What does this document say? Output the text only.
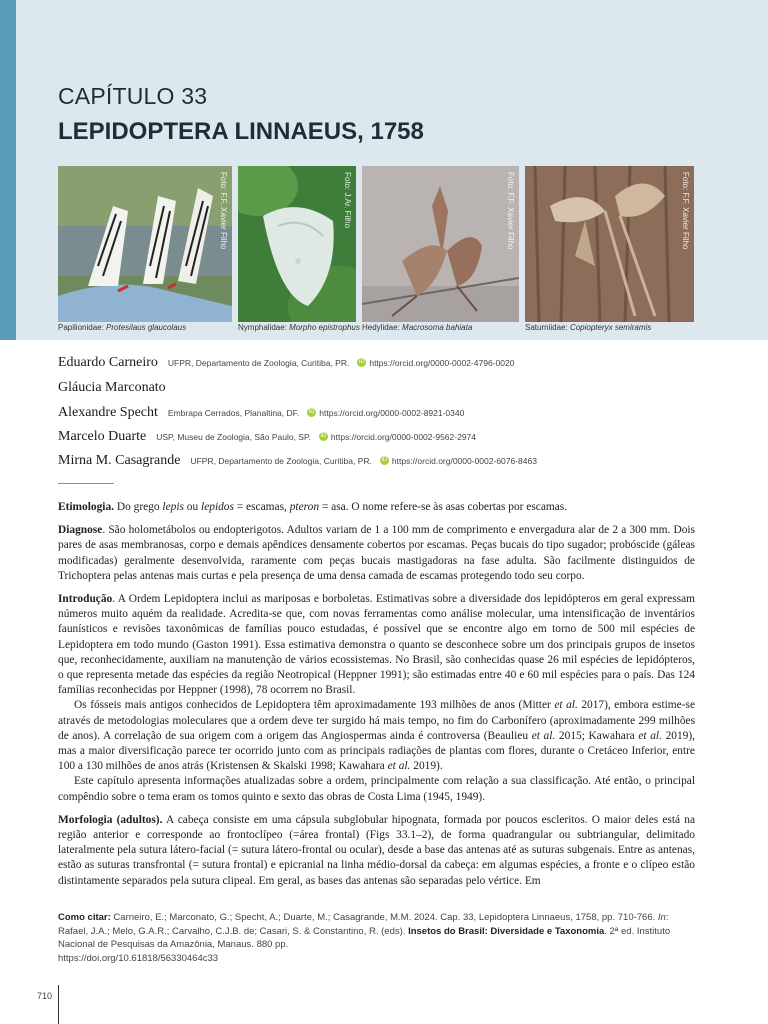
CAPÍTULO 33
LEPIDOPTERA LINNAEUS, 1758
Foto: F.F. Xavier Filho
Papilionidae: Protesilaus glaucolaus
Foto: J.Ar. Filho
Nymphalidae: Morpho epistrophus
Foto: F.F. Xavier Filho
Hedylidae: Macrosoma bahiata
Foto: F.F. Xavier Filho
Saturniidae: Copiopteryx semiramis
Eduardo Carneiro UFPR, Departamento de Zoologia, Curitiba, PR. iD https://orcid.org/0000-0002-4796-0020
Gláucia Marconato
Alexandre Specht Embrapa Cerrados, Planaltina, DF. iD https://orcid.org/0000-0002-8921-0340
Marcelo Duarte USP, Museu de Zoologia, São Paulo, SP. iD https://orcid.org/0000-0002-9562-2974
Mirna M. Casagrande UFPR, Departamento de Zoologia, Curitiba, PR. iD https://orcid.org/0000-0002-6076-8463

Etimologia. Do grego lepis ou lepidos = escamas, pteron = asa. O nome refere-se às asas cobertas por escamas.

Diagnose. São holometábolos ou endopterigotos. Adultos variam de 1 a 100 mm de comprimento e envergadura alar de 2 a 300 mm. Dois pares de asas membranosas, corpo e demais apêndices densamente cobertos por escamas. Peças bucais do tipo sugador; probóscide (gáleas modificadas) geralmente desenvolvida, raramente com peças bucais mastigadoras na fase adulta. São facilmente distinguidos de Trichoptera pelas antenas mais curtas e pela presença de uma densa camada de escamas protegendo todo seu corpo.

Introdução. A Ordem Lepidoptera inclui as mariposas e borboletas. Estimativas sobre a diversidade dos lepidópteros em geral expressam números muito aquém da realidade. Acredita-se que, com novas ferramentas como análise molecular, uma intensificação de inventários faunísticos e revisões taxonômicas de famílias pouco estudadas, é possível que se encontre algo em torno de 500 mil espécies de Lepidoptera em todo mundo (Gaston 1991). Essa estimativa demonstra o quanto se desconhece sobre um dos principais grupos de insetos que, reconhecidamente, auxiliam na manutenção de vários ecossistemas. No Brasil, são conhecidas quase 26 mil espécies de lepidópteros, o que representa metade das espécies da região Neotropical (Heppner 1991); são estimadas entre 40 e 60 mil espécies para o país. Das 124 famílias reconhecidas por Heppner (1998), 78 ocorrem no Brasil.

Os fósseis mais antigos conhecidos de Lepidoptera têm aproximadamente 193 milhões de anos (Mitter et al. 2017), embora estime-se através de metodologias moleculares que a ordem deve ter surgido há mais tempo, no fim do Carbonífero (aproximadamente 299 milhões de anos). A correlação de sua origem com a origem das Angiospermas ainda é controversa (Beaulieu et al. 2015; Kawahara et al. 2019), mas a maior diversificação parece ter ocorrido junto com as principais radiações de plantas com flores, durante o Cretáceo Inferior, entre 100 a 130 milhões de anos atrás (Kristensen & Skalski 1998; Kawahara et al. 2019).

Este capítulo apresenta informações atualizadas sobre a ordem, principalmente com relação a sua classificação. Até então, o principal compêndio sobre o tema eram os tomos quinto e sexto das obras de Costa Lima (1945, 1949).

Morfologia (adultos). A cabeça consiste em uma cápsula subglobular hipognata, formada por poucos escleritos. O maior deles está na região anterior e corresponde ao frontoclípeo (=área frontal) (Figs 33.1–2), de forma quadrangular ou subtriangular, delimitado lateralmente pela sutura látero-facial (= sutura látero-frontal ou ocular), desde a base das antenas até as suturas subgenais. Entre as antenas, estão as suturas transfrontal (= sutura frontal) e epicranial na linha médio-dorsal da cabeça: em algumas espécies, a fronte e o clípeo estão distintamente separados pela sutura clipeal. Em geral, as bases das antenas são separadas pelo vértice. Em

Como citar: Carneiro, E.; Marconato, G.; Specht, A.; Duarte, M.; Casagrande, M.M. 2024. Cap. 33, Lepidoptera Linnaeus, 1758, pp. 710-766. In: Rafael, J.A.; Melo, G.A.R.; Carvalho, C.J.B. de; Casari, S. & Constantino, R. (eds). Insetos do Brasil: Diversidade e Taxonomia. 2ª ed. Instituto Nacional de Pesquisas da Amazônia, Manaus. 880 pp.
https://doi.org/10.61818/56330464c33
710
